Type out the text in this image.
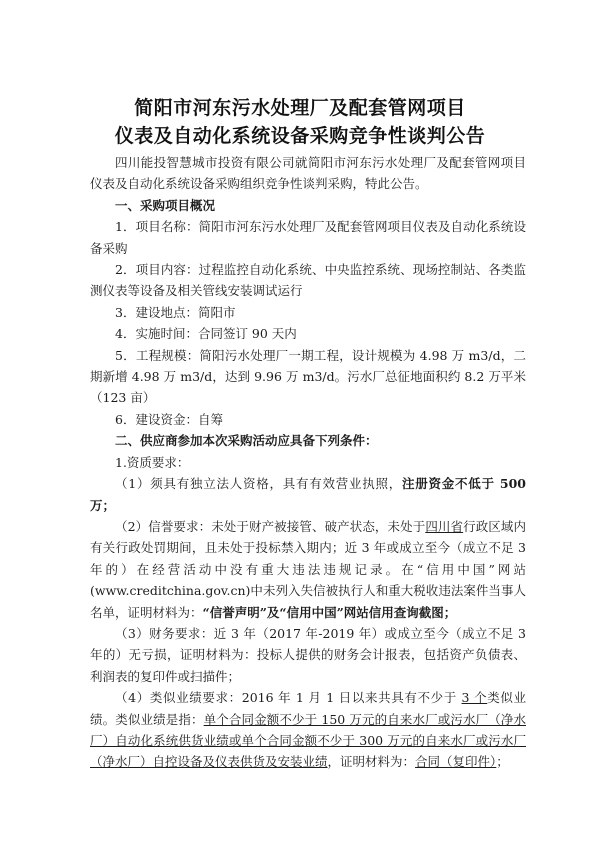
简阳市河东污水处理厂及配套管网项目
仪表及自动化系统设备采购竞争性谈判公告

四川能投智慧城市投资有限公司就简阳市河东污水处理厂及配套管网项目仪表及自动化系统设备采购组织竞争性谈判采购，特此公告。

一、采购项目概况

1．项目名称：简阳市河东污水处理厂及配套管网项目仪表及自动化系统设备采购

2．项目内容：过程监控自动化系统、中央监控系统、现场控制站、各类监测仪表等设备及相关管线安装调试运行

3．建设地点：简阳市

4．实施时间：合同签订 90 天内

5．工程规模：简阳污水处理厂一期工程，设计规模为 4.98 万 m3/d，二期新增 4.98 万 m3/d，达到 9.96 万 m3/d。污水厂总征地面积约 8.2 万平米（123 亩）

6．建设资金：自筹

二、供应商参加本次采购活动应具备下列条件：

1.资质要求：

（1）须具有独立法人资格，具有有效营业执照，注册资金不低于 500 万；

（2）信誉要求：未处于财产被接管、破产状态，未处于四川省行政区域内有关行政处罚期间，且未处于投标禁入期内；近 3 年或成立至今（成立不足 3 年的）在经营活动中没有重大违法违规记录。在“信用中国”网站(www.creditchina.gov.cn)中未列入失信被执行人和重大税收违法案件当事人名单，证明材料为：“信誉声明”及“信用中国”网站信用查询截图；

（3）财务要求：近 3 年（2017 年-2019 年）或成立至今（成立不足 3 年的）无亏损，证明材料为：投标人提供的财务会计报表，包括资产负债表、利润表的复印件或扫描件；

（4）类似业绩要求：2016 年 1 月 1 日以来共具有不少于 3 个类似业绩。类似业绩是指：单个合同金额不少于 150 万元的自来水厂或污水厂（净水厂）自动化系统供货业绩或单个合同金额不少于 300 万元的自来水厂或污水厂（净水厂）自控设备及仪表供货及安装业绩，证明材料为：合同（复印件）；
